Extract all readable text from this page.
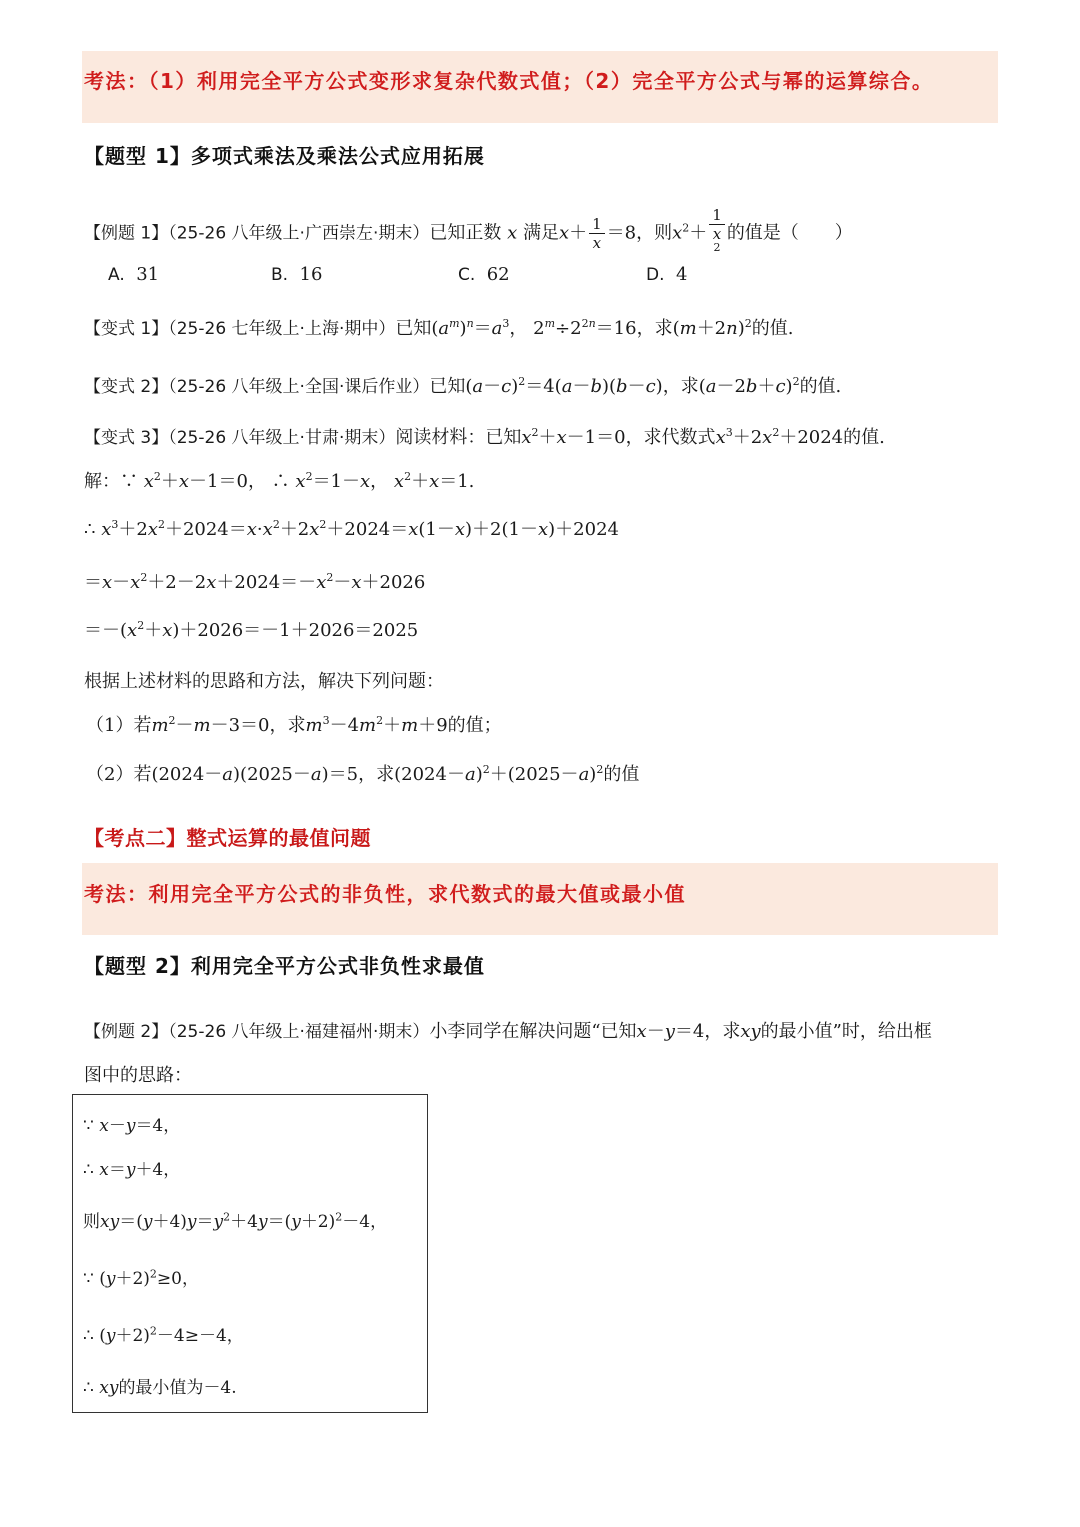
考法：（1）利用完全平方公式变形求复杂代数式值；（2）完全平方公式与幂的运算综合。
【题型 1】多项式乘法及乘法公式应用拓展
【例题 1】（25-26 八年级上·广西崇左·期末）已知正数 x 满足$x+ \frac{1}{x} =8$，则$x^2+ 1$
x
$^2$ 的值是（　　）
A. 31	B. 16	C. 62	D. 4
【变式 1】（25-26 七年级上·上海·期中）已知$(a^m)^n=a^3$， $2^m\div 2^{2n}=16$，求$(m+2n)^2$的值.
【变式 2】（25-26 八年级上·全国·课后作业）已知$(a-c)^2=4(a-b)(b-c)$，求$(a-2b+c)^2$的值.
【变式 3】（25-26 八年级上·甘肃·期末）阅读材料：已知$x^2+x-1=0$，求代数式$x^3+2x^2+2024$的值.
解：∵ $x^2+x-1=0$， ∴ $x^2=1-x$， $x^2+x=1$.
∴ $x^3+2x^2+2024=x\cdot x^2+2x^2+2024=x(1-x)+2(1-x)+2024$
$=x-x^2+2-2x+2024=-x^2-x+2026$
$=-(x^2+x)+2026=-1+2026=2025$
根据上述材料的思路和方法，解决下列问题：
（1）若$m^2-m-3=0$，求$m^3-4m^2+m+9$的值；
（2）若(2024－a)(2025－a)＝5，求$(2024-a)^2+(2025-a)^2$的值
【考点二】整式运算的最值问题
考法：利用完全平方公式的非负性，求代数式的最大值或最小值
【题型 2】利用完全平方公式非负性求最值
【例题 2】（25-26 八年级上·福建福州·期末）小李同学在解决问题“已知x－y＝4，求xy的最小值”时，给出框
图中的思路：
∵ x－y＝4，
∴ x＝y＋4，
则$xy=(y+4)y=y^2+4y=(y+2)^2-4$，
∵ $(y+2)^2\ge 0$，
∴ $(y+2)^2-4\ge-4$，
∴ xy的最小值为－4.
